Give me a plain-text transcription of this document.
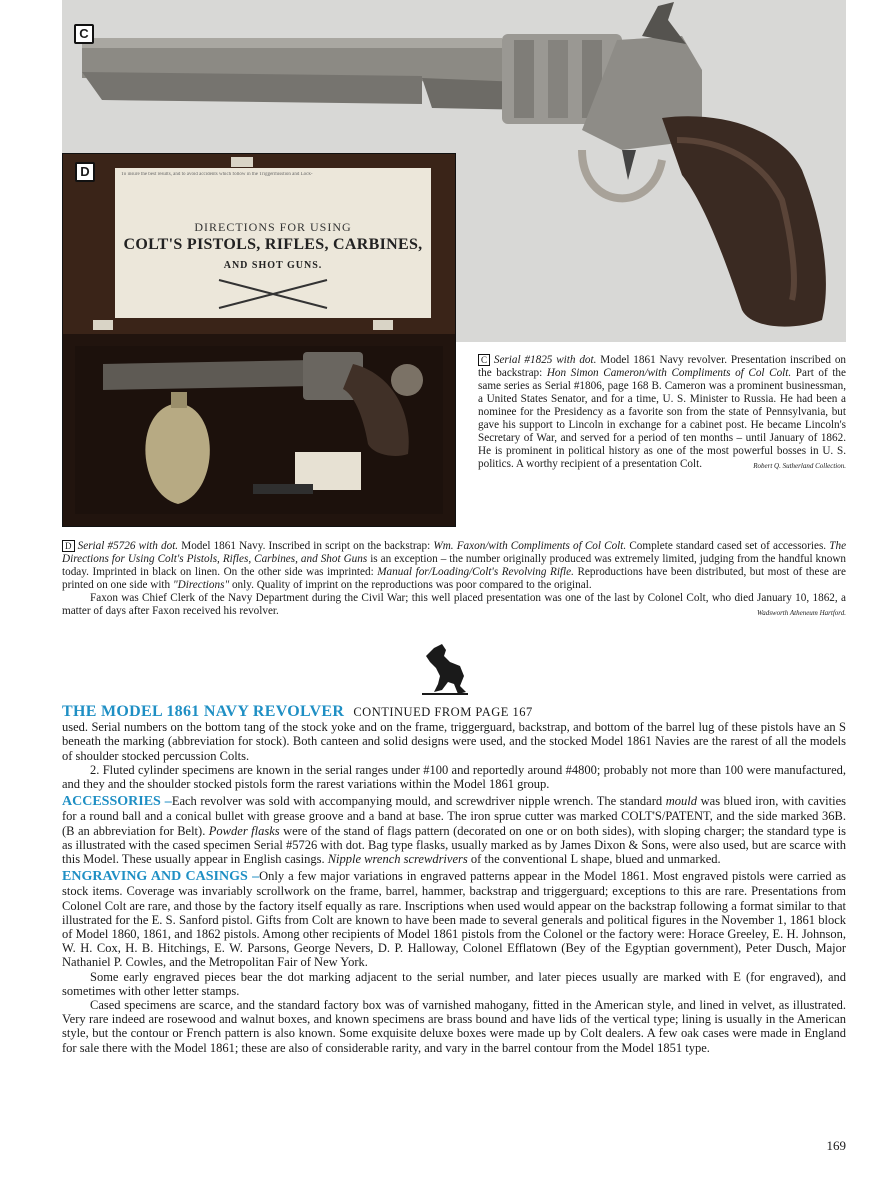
C
To insure the best results, and to avoid accidents which follow in the Triggermisstion and Lock-
DIRECTIONS FOR USING
COLT'S PISTOLS, RIFLES, CARBINES,
AND SHOT GUNS.
D
C Serial #1825 with dot. Model 1861 Navy revolver. Presentation inscribed on the backstrap: Hon Simon Cameron/with Compliments of Col Colt. Part of the same series as Serial #1806, page 168 B. Cameron was a prominent businessman, a United States Senator, and for a time, U. S. Minister to Russia. He had been a nominee for the Presidency as a favorite son from the state of Pennsylvania, but gave his support to Lincoln in exchange for a cabinet post. He became Lincoln's Secretary of War, and served for a period of ten months – until January of 1862. He is prominent in political history as one of the most powerful bosses in U. S. politics. A worthy recipient of a presentation Colt.	Robert Q. Sutherland Collection.

D Serial #5726 with dot. Model 1861 Navy. Inscribed in script on the backstrap: Wm. Faxon/with Compliments of Col Colt. Complete standard cased set of accessories. The Directions for Using Colt's Pistols, Rifles, Carbines, and Shot Guns is an exception – the number originally produced was extremely limited, judging from the handful known today. Imprinted in black on linen. On the other side was imprinted: Manual for/Loading/Colt's Revolving Rifle. Reproductions have been distributed, but most of these are printed on one side with "Directions" only. Quality of imprint on the reproductions was poor compared to the original.

Faxon was Chief Clerk of the Navy Department during the Civil War; this well placed presentation was one of the last by Colonel Colt, who died January 10, 1862, a matter of days after Faxon received his revolver.	Wadsworth Atheneum Hartford.

THE MODEL 1861 NAVY REVOLVER CONTINUED FROM PAGE 167

used. Serial numbers on the bottom tang of the stock yoke and on the frame, triggerguard, backstrap, and bottom of the barrel lug of these pistols have an S beneath the marking (abbreviation for stock). Both canteen and solid designs were used, and the stocked Model 1861 Navies are the rarest of all the models of shoulder stocked percussion Colts.

2. Fluted cylinder specimens are known in the serial ranges under #100 and reportedly around #4800; probably not more than 100 were manufactured, and they and the shoulder stocked pistols form the rarest variations within the Model 1861 group.

ACCESSORIES –Each revolver was sold with accompanying mould, and screwdriver nipple wrench. The standard mould was blued iron, with cavities for a round ball and a conical bullet with grease groove and a band at base. The iron sprue cutter was marked COLT'S/PATENT, and the side marked 36B. (B an abbreviation for Belt). Powder flasks were of the stand of flags pattern (decorated on one or on both sides), with sloping charger; the standard type is as illustrated with the cased specimen Serial #5726 with dot. Bag type flasks, usually marked as by James Dixon & Sons, were also used, but are scarce with this Model. These usually appear in English casings. Nipple wrench screwdrivers of the conventional L shape, blued and unmarked.

ENGRAVING AND CASINGS –Only a few major variations in engraved patterns appear in the Model 1861. Most engraved pistols were carried as stock items. Coverage was invariably scrollwork on the frame, barrel, hammer, backstrap and triggerguard; exceptions to this are rare. Presentations from Colonel Colt are rare, and those by the factory itself equally as rare. Inscriptions when used would appear on the backstrap following a format similar to that illustrated for the E. S. Sanford pistol. Gifts from Colt are known to have been made to several generals and political figures in the November 1, 1861 block of Model 1860, 1861, and 1862 pistols. Among other recipients of Model 1861 pistols from the Colonel or the factory were: Horace Greeley, E. H. Johnson, W. H. Cox, H. B. Hitchings, E. W. Parsons, George Nevers, D. P. Halloway, Colonel Efflatown (Bey of the Egyptian government), Peter Dusch, Major Nathaniel P. Cowles, and the Metropolitan Fair of New York.

Some early engraved pieces bear the dot marking adjacent to the serial number, and later pieces usually are marked with E (for engraved), and sometimes with other letter stamps.

Cased specimens are scarce, and the standard factory box was of varnished mahogany, fitted in the American style, and lined in velvet, as illustrated. Very rare indeed are rosewood and walnut boxes, and known specimens are brass bound and have lids of the vertical type; lining is usually in the American style, but the contour or French pattern is also known. Some exquisite deluxe boxes were made up by Colt dealers. A few oak cases were made in England for sale there with the Model 1861; these are also of considerable rarity, and vary in the barrel contour from the Model 1851 type.

169
